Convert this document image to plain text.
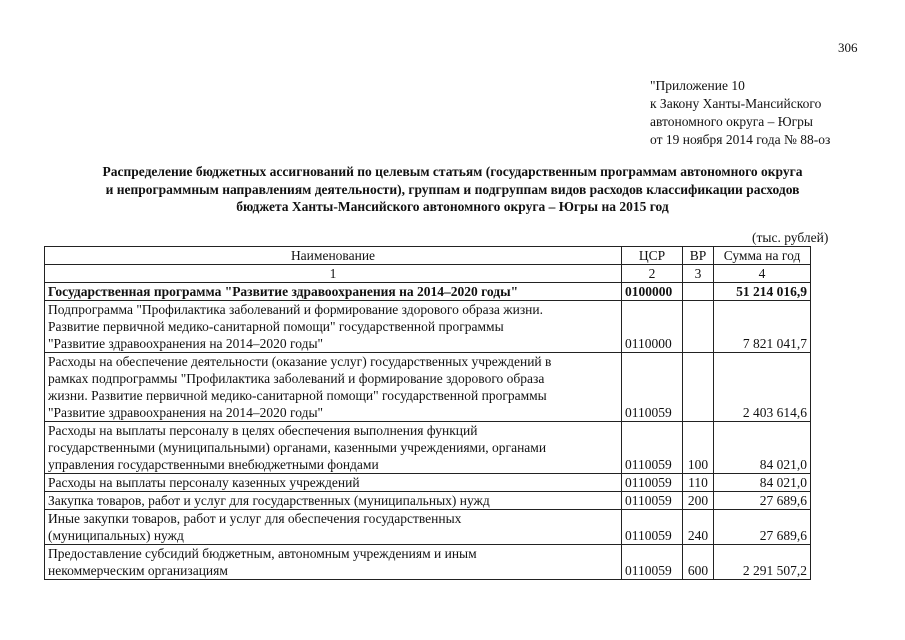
306
"Приложение 10
к Закону Ханты-Мансийского
автономного округа – Югры
от 19 ноября 2014 года № 88-оз
Распределение бюджетных ассигнований по целевым статьям (государственным программам автономного округа
и непрограммным направлениям деятельности), группам и подгруппам видов расходов классификации расходов
бюджета Ханты-Мансийского автономного округа – Югры на 2015 год
(тыс. рублей)
Наименование	ЦСР	ВР	Сумма на год
1	2	3	4

Государственная программа "Развитие здравоохранения на 2014–2020 годы"	0100000		51 214 016,9

Подпрограмма "Профилактика заболеваний и формирование здорового образа жизни.
Развитие первичной медико-санитарной помощи" государственной программы
"Развитие здравоохранения на 2014–2020 годы"	0110000		7 821 041,7

Расходы на обеспечение деятельности (оказание услуг) государственных учреждений в
рамках подпрограммы "Профилактика заболеваний и формирование здорового образа
жизни. Развитие первичной медико-санитарной помощи" государственной программы
"Развитие здравоохранения на 2014–2020 годы"	0110059		2 403 614,6

Расходы на выплаты персоналу в целях обеспечения выполнения функций
государственными (муниципальными) органами, казенными учреждениями, органами
управления государственными внебюджетными фондами	0110059	100	84 021,0

Расходы на выплаты персоналу казенных учреждений	0110059	110	84 021,0

Закупка товаров, работ и услуг для государственных (муниципальных) нужд	0110059	200	27 689,6

Иные закупки товаров, работ и услуг для обеспечения государственных
(муниципальных) нужд	0110059	240	27 689,6

Предоставление субсидий бюджетным, автономным учреждениям и иным
некоммерческим организациям	0110059	600	2 291 507,2
